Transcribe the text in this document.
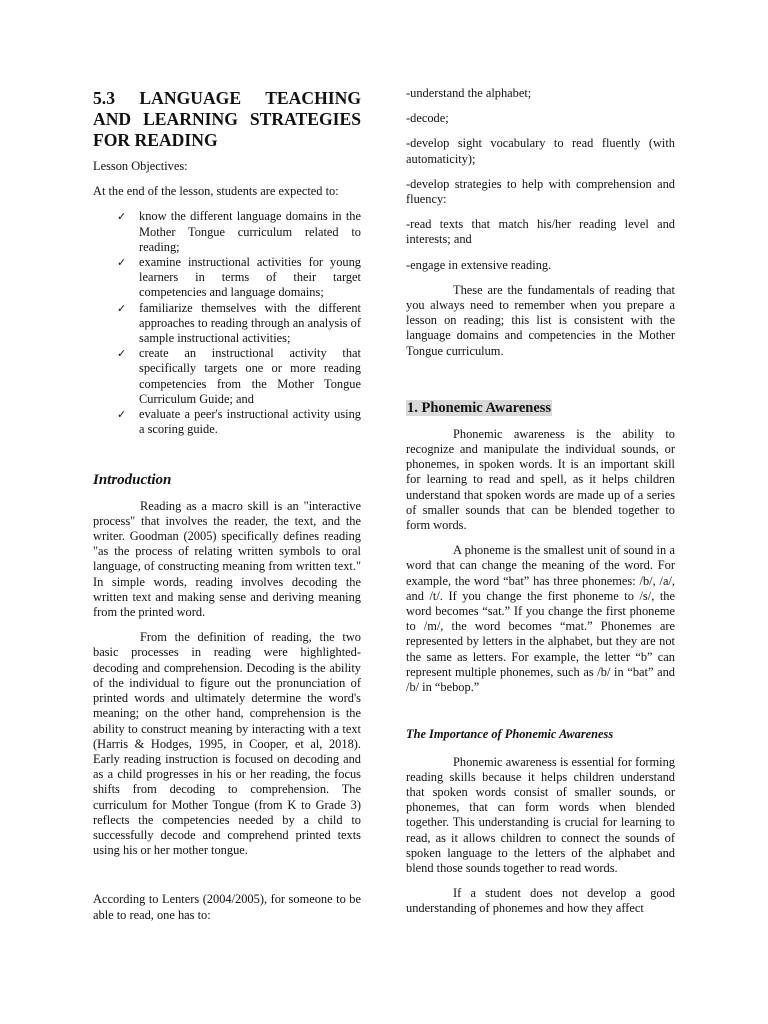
5.3 LANGUAGE TEACHING AND LEARNING STRATEGIES FOR READING

Lesson Objectives:

At the end of the lesson, students are expected to:

✓ know the different language domains in the Mother Tongue curriculum related to reading;
✓ examine instructional activities for young learners in terms of their target competencies and language domains;
✓ familiarize themselves with the different approaches to reading through an analysis of sample instructional activities;
✓ create an instructional activity that specifically targets one or more reading competencies from the Mother Tongue Curriculum Guide; and
✓ evaluate a peer's instructional activity using a scoring guide.
Introduction

Reading as a macro skill is an "interactive process" that involves the reader, the text, and the writer. Goodman (2005) specifically defines reading "as the process of relating written symbols to oral language, of constructing meaning from written text." In simple words, reading involves decoding the written text and making sense and deriving meaning from the printed word.

From the definition of reading, the two basic processes in reading were highlighted- decoding and comprehension. Decoding is the ability of the individual to figure out the pronunciation of printed words and ultimately determine the word's meaning; on the other hand, comprehension is the ability to construct meaning by interacting with a text (Harris & Hodges, 1995, in Cooper, et al, 2018). Early reading instruction is focused on decoding and as a child progresses in his or her reading, the focus shifts from decoding to comprehension. The curriculum for Mother Tongue (from K to Grade 3) reflects the competencies needed by a child to successfully decode and comprehend printed texts using his or her mother tongue.

According to Lenters (2004/2005), for someone to be able to read, one has to:

-understand the alphabet;

-decode;

-develop sight vocabulary to read fluently (with automaticity);

-develop strategies to help with comprehension and fluency:

-read texts that match his/her reading level and interests; and

-engage in extensive reading.

These are the fundamentals of reading that you always need to remember when you prepare a lesson on reading; this list is consistent with the language domains and competencies in the Mother Tongue curriculum.

1. Phonemic Awareness

Phonemic awareness is the ability to recognize and manipulate the individual sounds, or phonemes, in spoken words. It is an important skill for learning to read and spell, as it helps children understand that spoken words are made up of a series of smaller sounds that can be blended together to form words.

A phoneme is the smallest unit of sound in a word that can change the meaning of the word. For example, the word “bat” has three phonemes: /b/, /a/, and /t/. If you change the first phoneme to /s/, the word becomes “sat.” If you change the first phoneme to /m/, the word becomes “mat.” Phonemes are represented by letters in the alphabet, but they are not the same as letters. For example, the letter “b” can represent multiple phonemes, such as /b/ in “bat” and /b/ in “bebop.”

The Importance of Phonemic Awareness

Phonemic awareness is essential for forming reading skills because it helps children understand that spoken words consist of smaller sounds, or phonemes, that can form words when blended together. This understanding is crucial for learning to read, as it allows children to connect the sounds of spoken language to the letters of the alphabet and blend those sounds together to read words.

If a student does not develop a good understanding of phonemes and how they affect
